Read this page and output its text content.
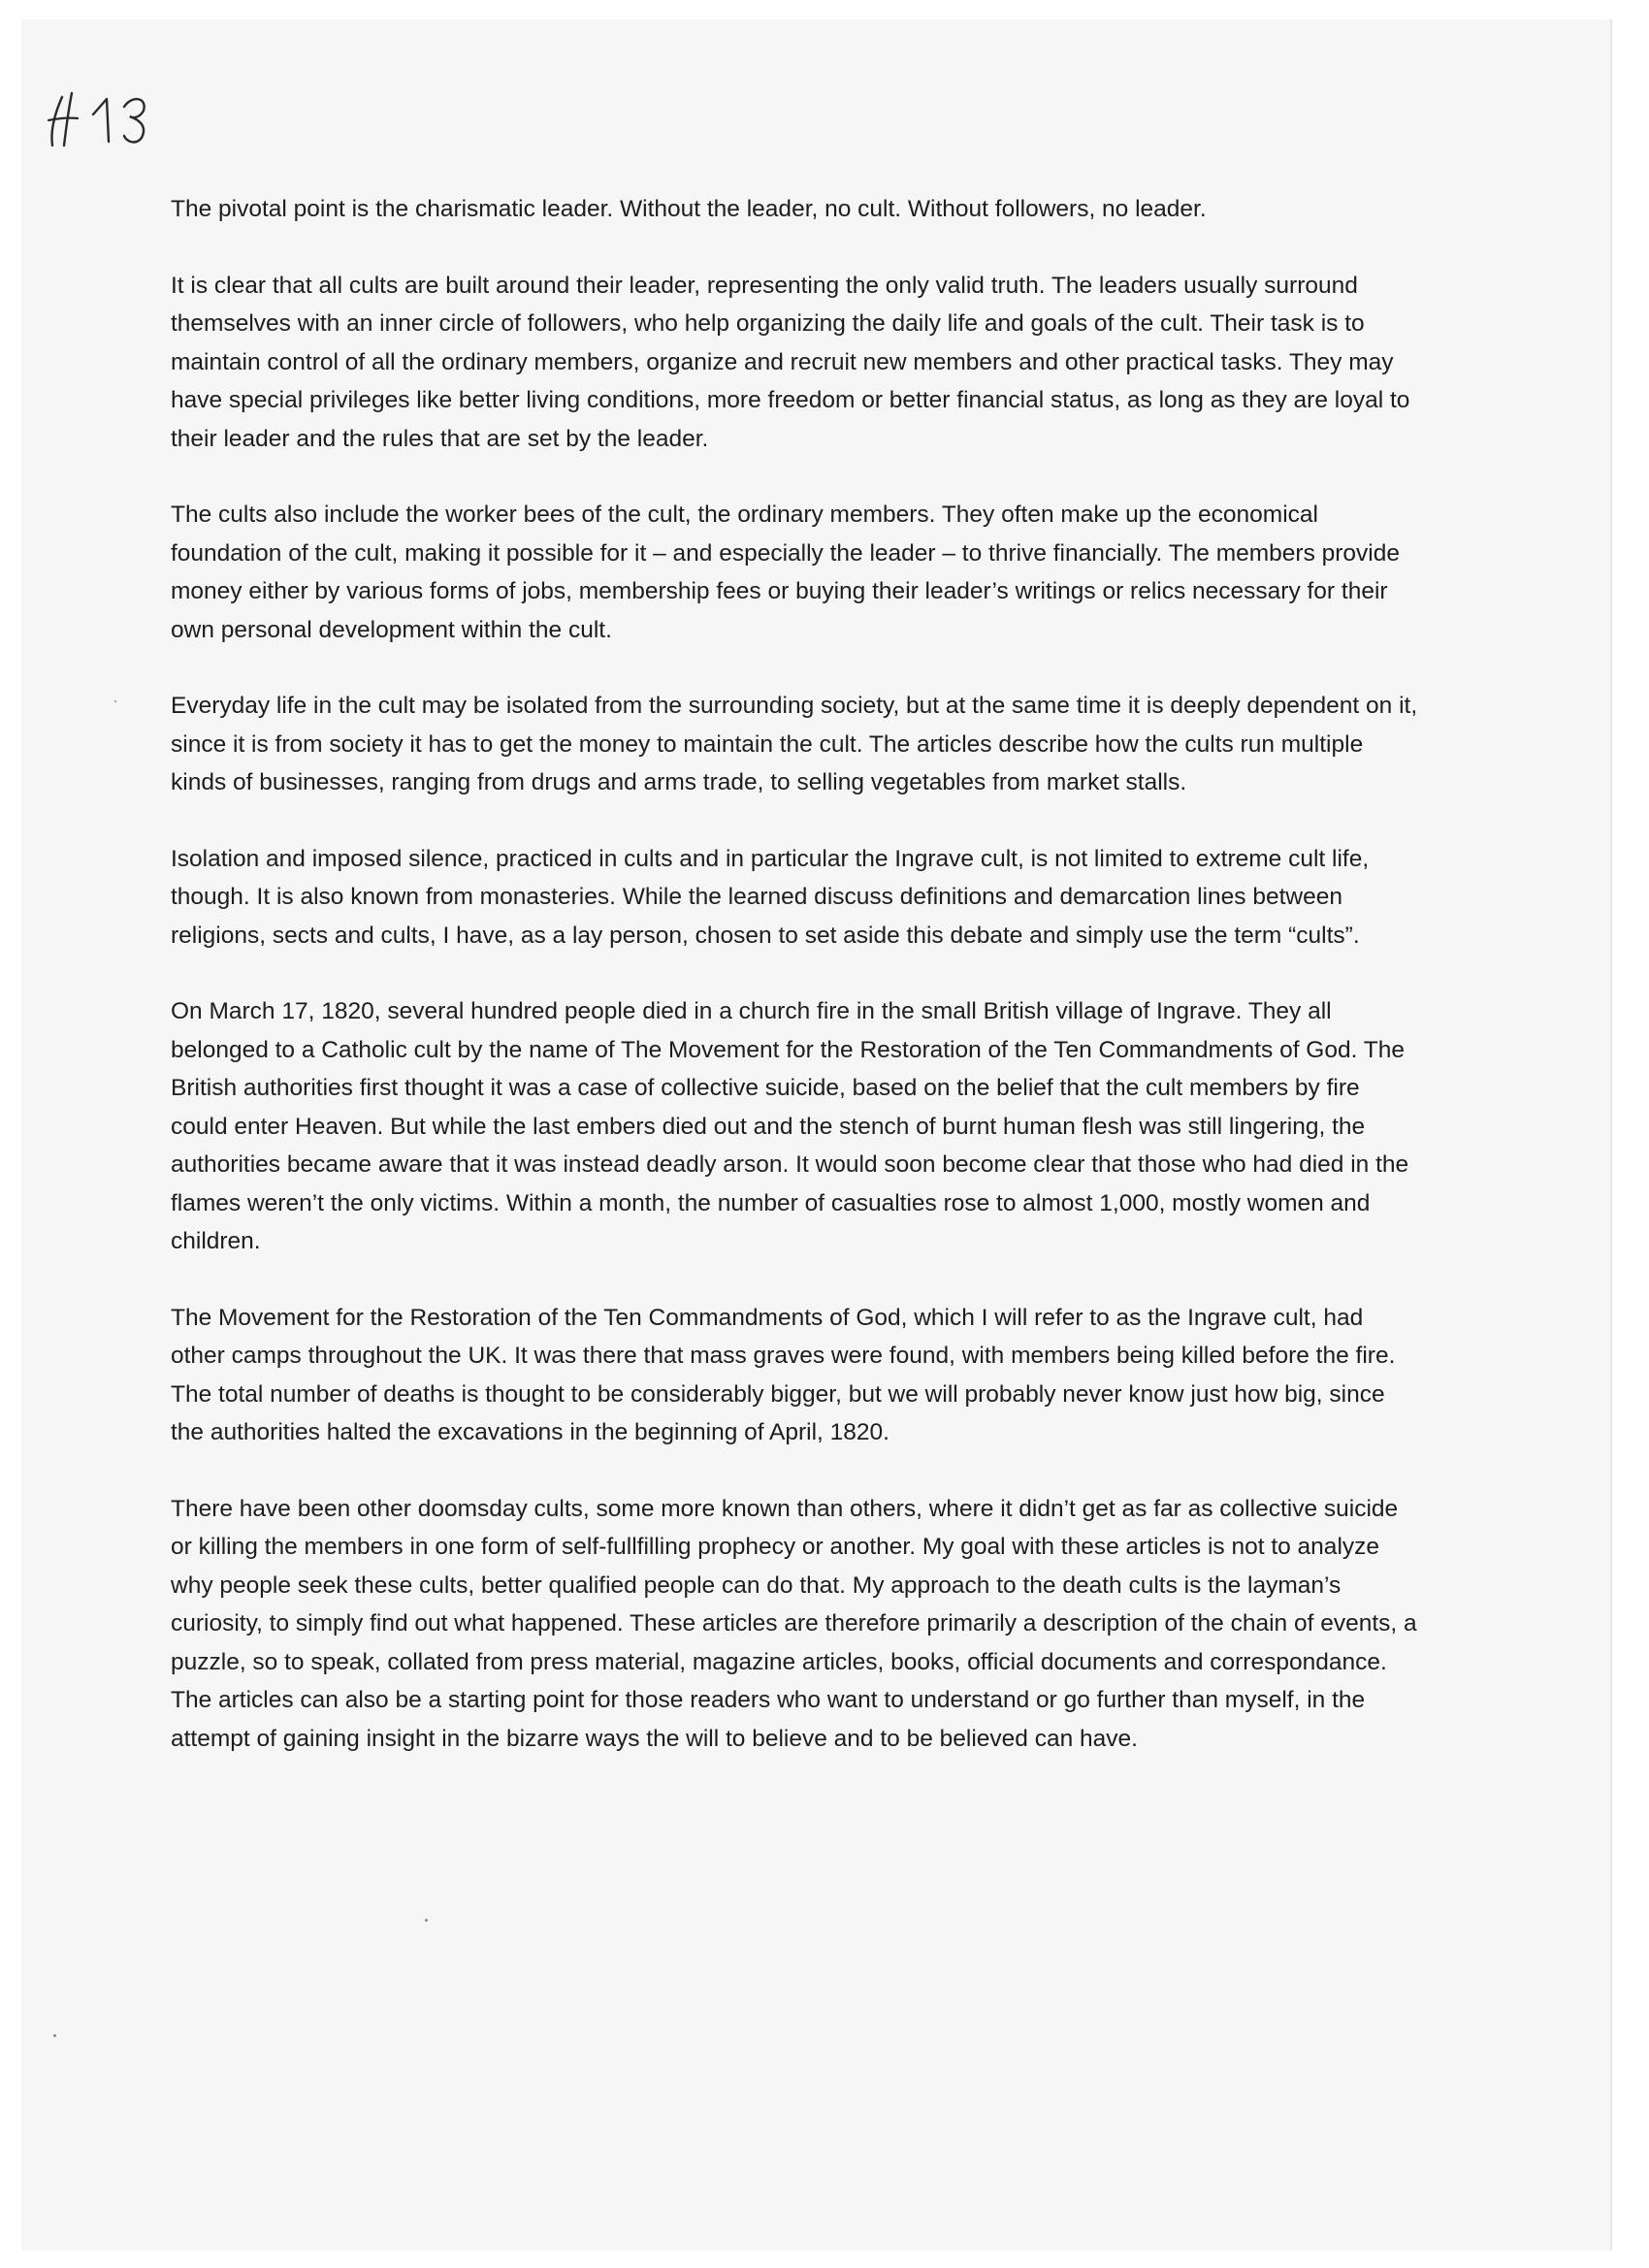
The pivotal point is the charismatic leader. Without the leader, no cult. Without followers, no leader.

It is clear that all cults are built around their leader, representing the only valid truth. The leaders usually surround themselves with an inner circle of followers, who help organizing the daily life and goals of the cult. Their task is to maintain control of all the ordinary members, organize and recruit new members and other practical tasks. They may have special privileges like better living conditions, more freedom or better financial status, as long as they are loyal to their leader and the rules that are set by the leader.

The cults also include the worker bees of the cult, the ordinary members. They often make up the economical foundation of the cult, making it possible for it – and especially the leader – to thrive financially. The members provide money either by various forms of jobs, membership fees or buying their leader’s writings or relics necessary for their own personal development within the cult.

Everyday life in the cult may be isolated from the surrounding society, but at the same time it is deeply dependent on it, since it is from society it has to get the money to maintain the cult. The articles describe how the cults run multiple kinds of businesses, ranging from drugs and arms trade, to selling vegetables from market stalls.

Isolation and imposed silence, practiced in cults and in particular the Ingrave cult, is not limited to extreme cult life, though. It is also known from monasteries. While the learned discuss definitions and demarcation lines between religions, sects and cults, I have, as a lay person, chosen to set aside this debate and simply use the term “cults”.

On March 17, 1820, several hundred people died in a church fire in the small British village of Ingrave. They all belonged to a Catholic cult by the name of The Movement for the Restoration of the Ten Commandments of God. The British authorities first thought it was a case of collective suicide, based on the belief that the cult members by fire could enter Heaven. But while the last embers died out and the stench of burnt human flesh was still lingering, the authorities became aware that it was instead deadly arson. It would soon become clear that those who had died in the flames weren’t the only victims. Within a month, the number of casualties rose to almost 1,000, mostly women and children.

The Movement for the Restoration of the Ten Commandments of God, which I will refer to as the Ingrave cult, had other camps throughout the UK. It was there that mass graves were found, with members being killed before the fire. The total number of deaths is thought to be considerably bigger, but we will probably never know just how big, since the authorities halted the excavations in the beginning of April, 1820.

There have been other doomsday cults, some more known than others, where it didn’t get as far as collective suicide or killing the members in one form of self-fullfilling prophecy or another. My goal with these articles is not to analyze why people seek these cults, better qualified people can do that. My approach to the death cults is the layman’s curiosity, to simply find out what happened. These articles are therefore primarily a description of the chain of events, a puzzle, so to speak, collated from press material, magazine articles, books, official documents and correspondance. The articles can also be a starting point for those readers who want to understand or go further than myself, in the attempt of gaining insight in the bizarre ways the will to believe and to be believed can have.
